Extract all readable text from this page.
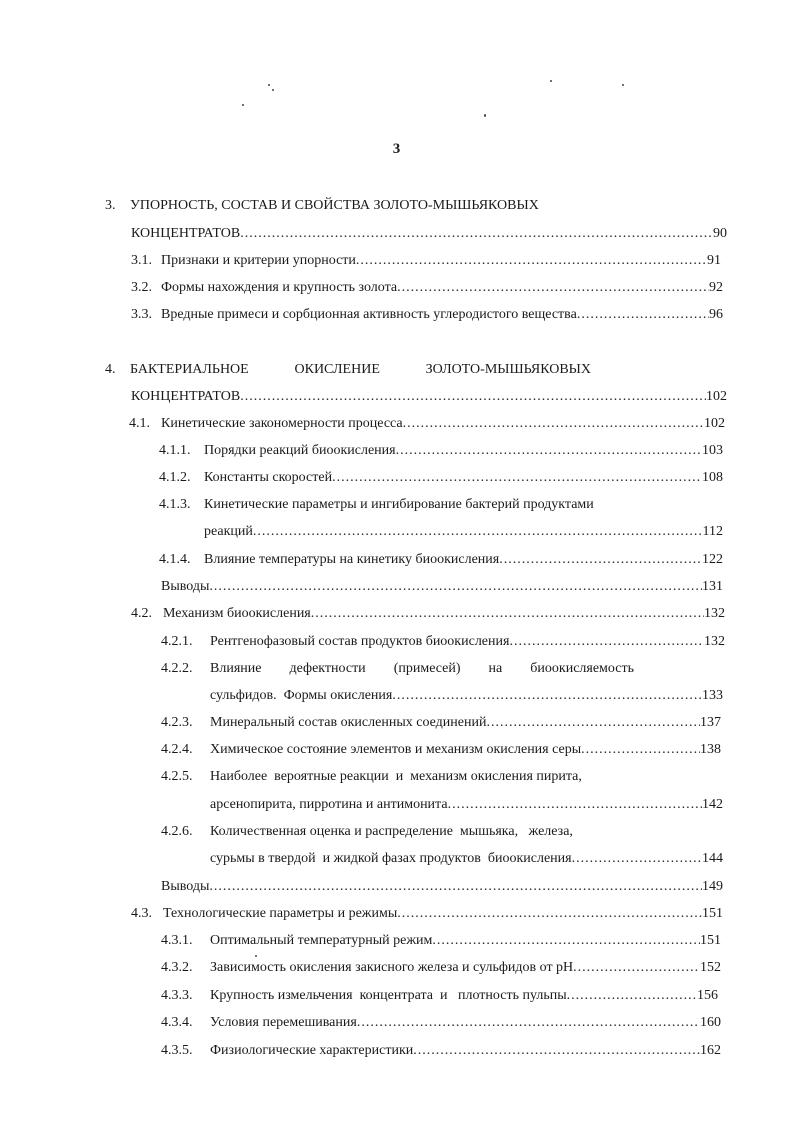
3
3.	УПОРНОСТЬ, СОСТАВ И СВОЙСТВА ЗОЛОТО-МЫШЬЯКОВЫХ
КОНЦЕНТРАТОВ .....	90
3.1. Признаки и критерии упорности .....	91
3.2. Формы нахождения и крупность золота .....	92
3.3. Вредные примеси и сорбционная активность углеродистого вещества .....	96
4.	БАКТЕРИАЛЬНОЕ	ОКИСЛЕНИЕ	ЗОЛОТО-МЫШЬЯКОВЫХ
КОНЦЕНТРАТОВ .....	102
4.1. Кинетические закономерности процесса .....	102
4.1.1. Порядки реакций биоокисления .....	103
4.1.2. Константы скоростей .....	108
4.1.3. Кинетические параметры и ингибирование бактерий продуктами
реакций .....	112
4.1.4. Влияние температуры на кинетику биоокисления .....	122
Выводы .....	131
4.2. Механизм биоокисления .....	132
4.2.1.	Рентгенофазовый состав продуктов биоокисления .....	132
4.2.2.	Влияние дефектности (примесей) на биоокисляемость
сульфидов.  Формы окисления .....	133
4.2.3.	Минеральный состав окисленных соединений .....	137
4.2.4.	Химическое состояние элементов и механизм окисления серы .....	138
4.2.5.	Наиболее  вероятные реакции  и  механизм окисления пирита,
арсенопирита, пирротина и антимонита .....	142
4.2.6.	Количественная оценка и распределение  мышьяка,   железа,
сурьмы в твердой  и жидкой фазах продуктов  биоокисления .....	144
Выводы .....	149
4.3. Технологические параметры и режимы .....	151
4.3.1.	Оптимальный температурный режим .....	151
4.3.2.	Зависимость окисления закисного железа и сульфидов от pH .....	152
4.3.3.	Крупность измельчения  концентрата  и   плотность пульпы .....	156
4.3.4.	Условия перемешивания .....	160
4.3.5.	Физиологические характеристики .....	162
